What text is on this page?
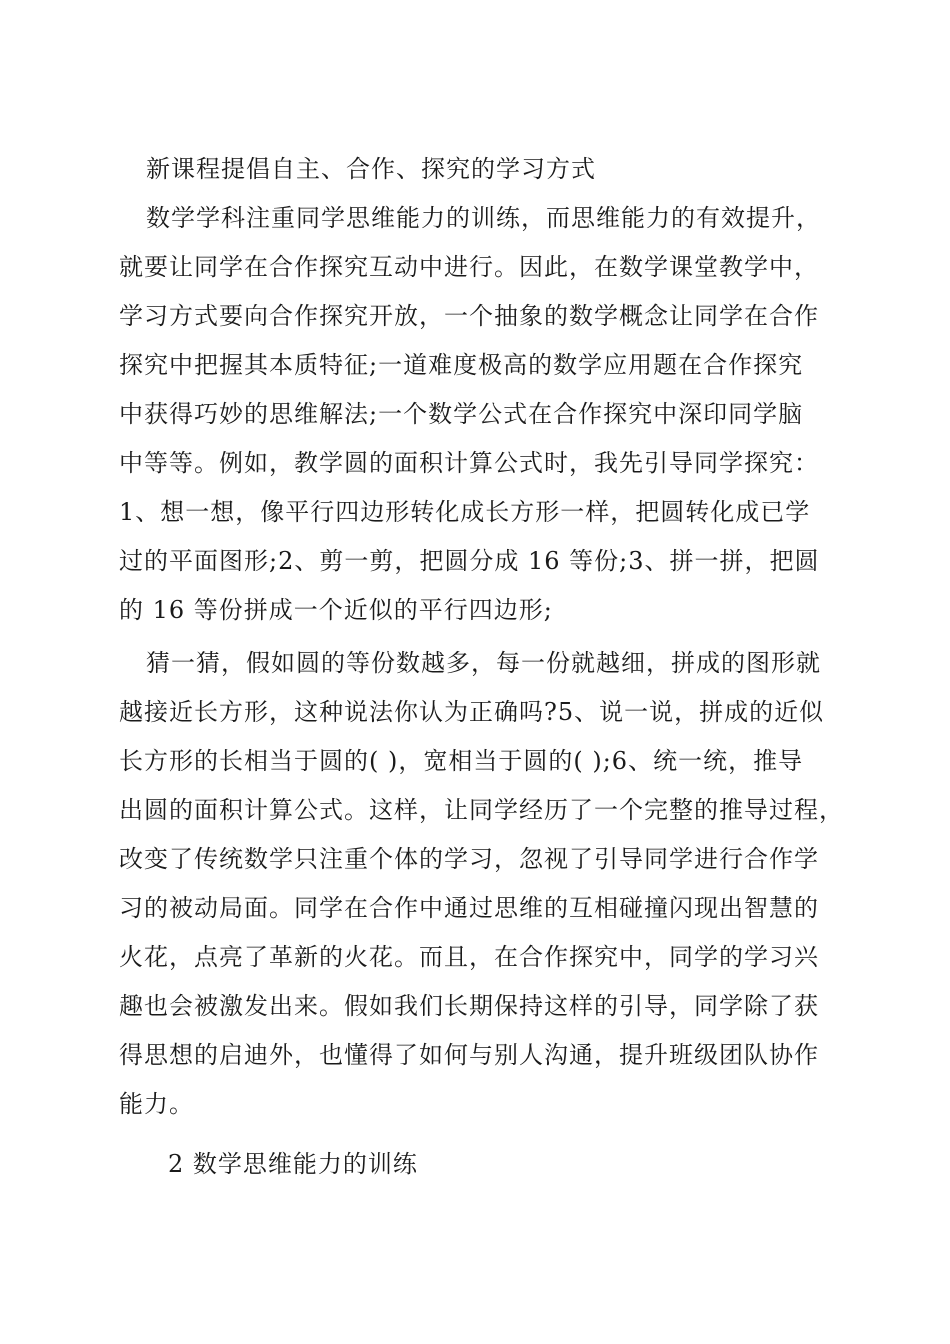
新课程提倡自主、合作、探究的学习方式
数学学科注重同学思维能力的训练，而思维能力的有效提升，
就要让同学在合作探究互动中进行。因此，在数学课堂教学中，
学习方式要向合作探究开放，一个抽象的数学概念让同学在合作
探究中把握其本质特征;一道难度极高的数学应用题在合作探究
中获得巧妙的思维解法;一个数学公式在合作探究中深印同学脑
中等等。例如，教学圆的面积计算公式时，我先引导同学探究：
1、想一想，像平行四边形转化成长方形一样，把圆转化成已学
过的平面图形;2、剪一剪，把圆分成 16 等份;3、拼一拼，把圆
的 16 等份拼成一个近似的平行四边形;
猜一猜，假如圆的等份数越多，每一份就越细，拼成的图形就
越接近长方形，这种说法你认为正确吗?5、说一说，拼成的近似
长方形的长相当于圆的( )，宽相当于圆的( );6、统一统，推导
出圆的面积计算公式。这样，让同学经历了一个完整的推导过程，
改变了传统数学只注重个体的学习，忽视了引导同学进行合作学
习的被动局面。同学在合作中通过思维的互相碰撞闪现出智慧的
火花，点亮了革新的火花。而且，在合作探究中，同学的学习兴
趣也会被激发出来。假如我们长期保持这样的引导，同学除了获
得思想的启迪外，也懂得了如何与别人沟通，提升班级团队协作
能力。
2 数学思维能力的训练
